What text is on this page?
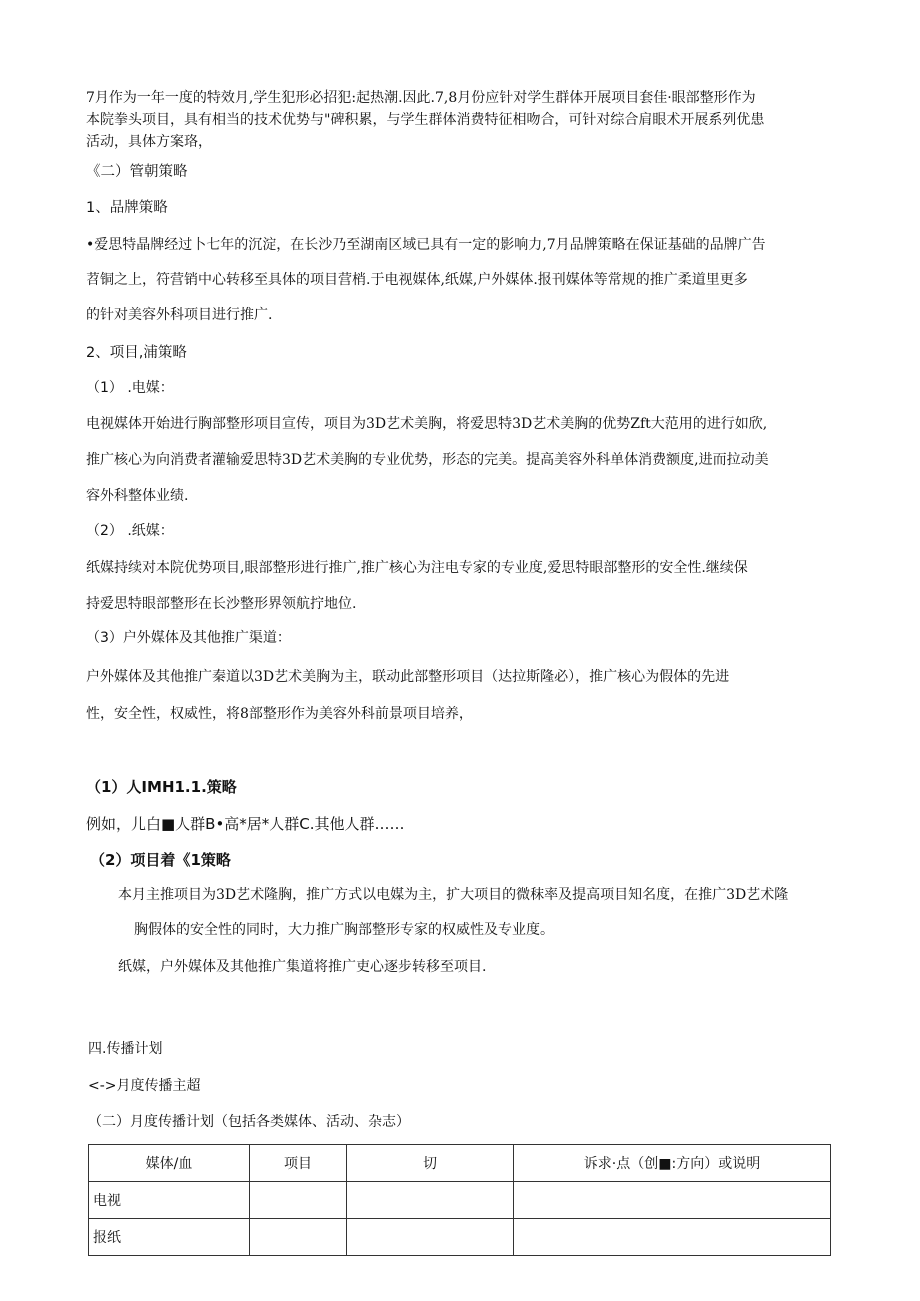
7月作为一年一度的特效月,学生犯形必招犯:起热潮.因此.7,8月份应针对学生群体开展项目套佳·眼部整形作为

本院拳头项目，具有相当的技术优势与"碑积累，与学生群体消费特征相吻合，可针对综合肩眼术开展系列优患

活动，具体方案珞，

《二）管朝策略

1、品牌策略

•爱思特晶牌经过卜七年的沉淀，在长沙乃至湖南区域已具有一定的影响力,7月品牌策略在保证基础的品牌广告

苕铜之上，符营销中心转移至具体的项目营梢.于电视媒体,纸媒,户外媒体.报刊媒体等常规的推广柔道里更多

的针对美容外科项目进行推广.

2、项目,浦策略

（1） .电媒：

电视媒体开始进行胸部整形项目宣传，项目为3D艺术美胸，将爱思特3D艺术美胸的优势Zft大范用的进行如欣,

推广核心为向消费者灌输爱思特3D艺术美胸的专业优势，形态的完美。提高美容外科单体消费额度,进而拉动美

容外科整体业绩.

（2） .纸媒：

纸媒持续对本院优势项目,眼部整形进行推广,推广核心为注电专家的专业度,爱思特眼部整形的安全性.继续保

持爱思特眼部整形在长沙整形界领航拧地位.

（3）户外媒体及其他推广渠道：

户外媒体及其他推广秦道以3D艺术美胸为主，联动此部整形项目（达拉斯隆必），推广核心为假体的先进

性，安全性，权威性，将8部整形作为美容外科前景项目培养，

（1）人IMH1.1.策略

例如，儿白■人群B•高*居*人群C.其他人群……

（2）项目着《1策略

本月主推项目为3D艺术隆胸，推广方式以电媒为主，扩大项目的微秣率及提高项目知名度，在推广3D艺术隆

胸假体的安全性的同时，大力推广胸部整形专家的权威性及专业度。

纸媒，户外媒体及其他推广集道将推广吏心逐步转移至项目.

四.传播计划

<->月度传播主超

（二）月度传播计划（包括各类媒体、活动、杂志）

媒体/血	项目	切	诉求·点（创■:方向）或说明
电视			
报纸			
